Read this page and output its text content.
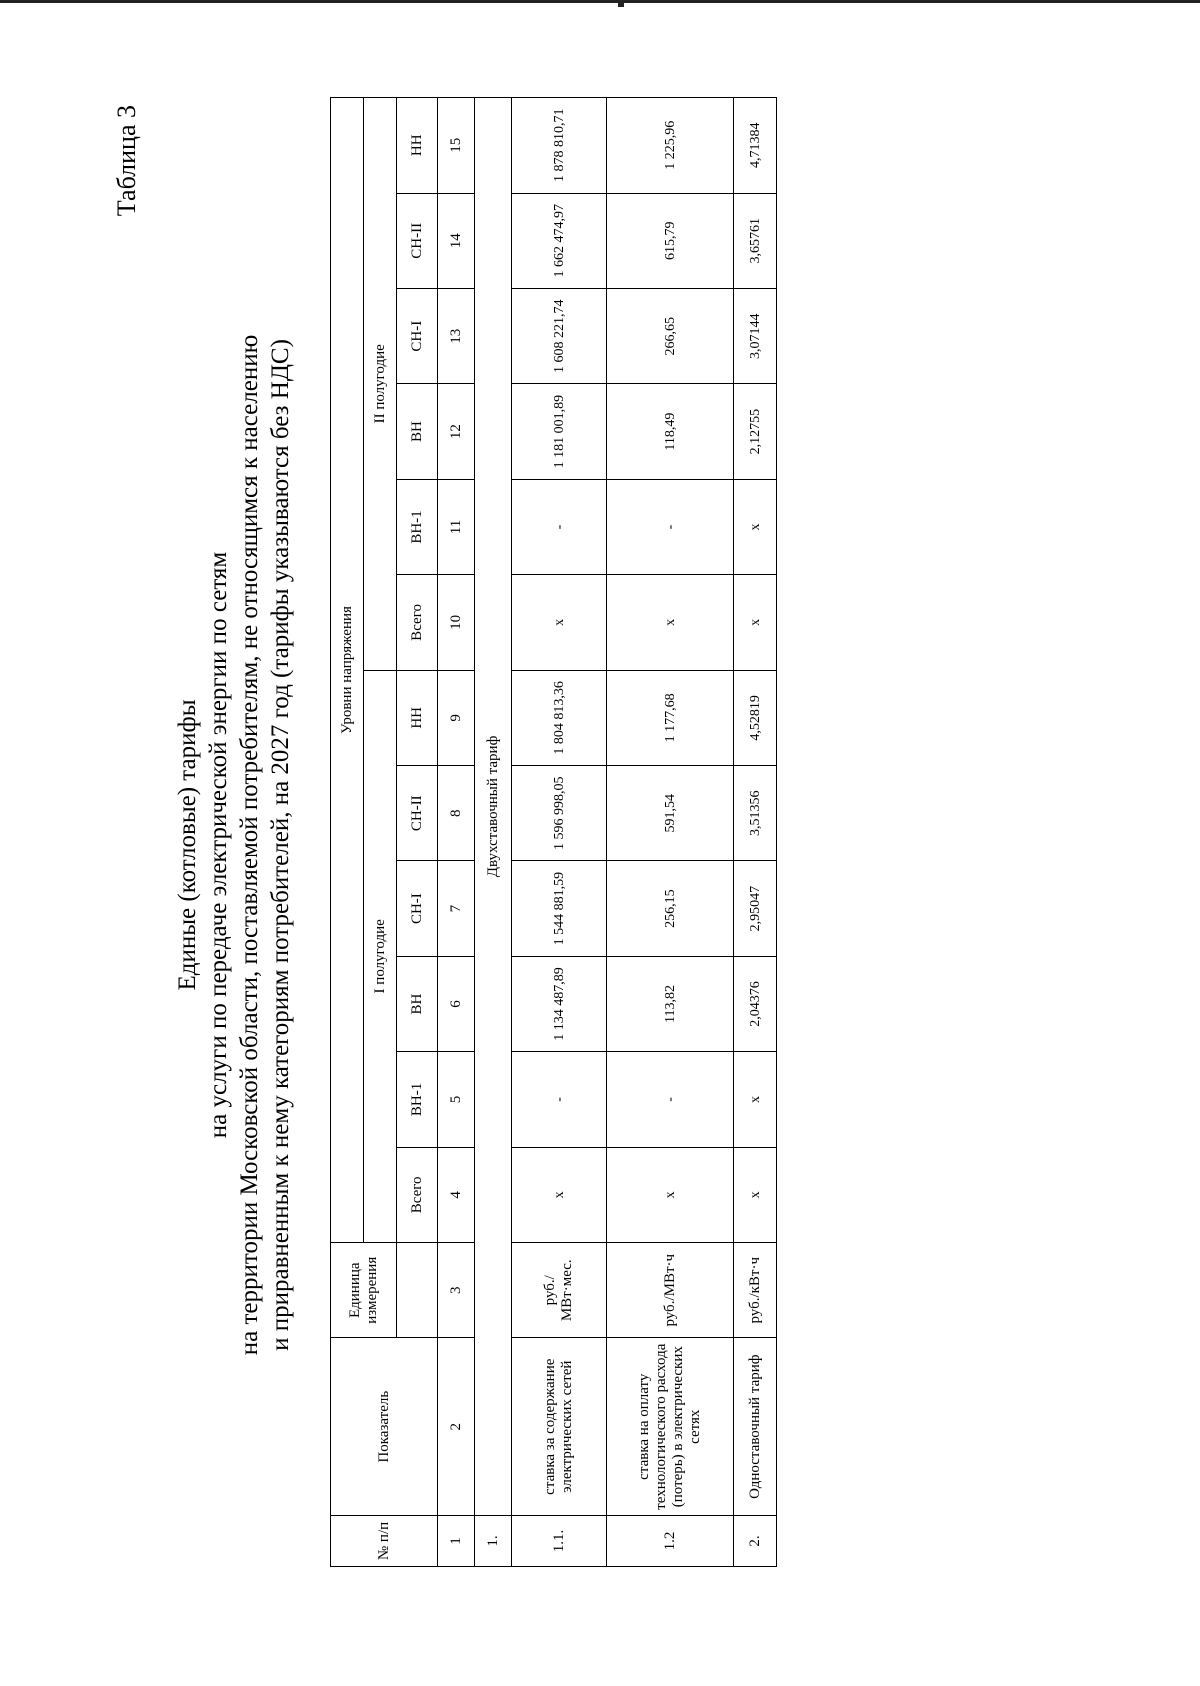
Таблица 3
Единые (котловые) тарифы на услуги по передаче электрической энергии по сетям на территории Московской области, поставляемой потребителям, не относящимся к населению и приравненным к нему категориям потребителей, на 2027 год (тарифы указываются без НДС)
№ п/п	Показатель	Единица измерения	Уровни напряжения											
			I полугодие						II полугодие					
			Всего	ВН-1	ВН	СН-I	СН-II	НН	Всего	ВН-1	ВН	СН-I	СН-II	НН
1	2	3	4	5	6	7	8	9	10	11	12	13	14	15
1.	Двухставочный тариф													
1.1.	ставка за содержание электрических сетей	руб./МВт·мес.	x	-	1 134 487,89	1 544 881,59	1 596 998,05	1 804 813,36	x	-	1 181 001,89	1 608 221,74	1 662 474,97	1 878 810,71
1.2	ставка на оплату технологического расхода (потерь) в электрических сетях	руб./МВт·ч	x	-	113,82	256,15	591,54	1 177,68	x	-	118,49	266,65	615,79	1 225,96
2.	Одноставочный тариф	руб./кВт·ч	x	x	2,04376	2,95047	3,51356	4,52819	x	x	2,12755	3,07144	3,65761	4,71384
